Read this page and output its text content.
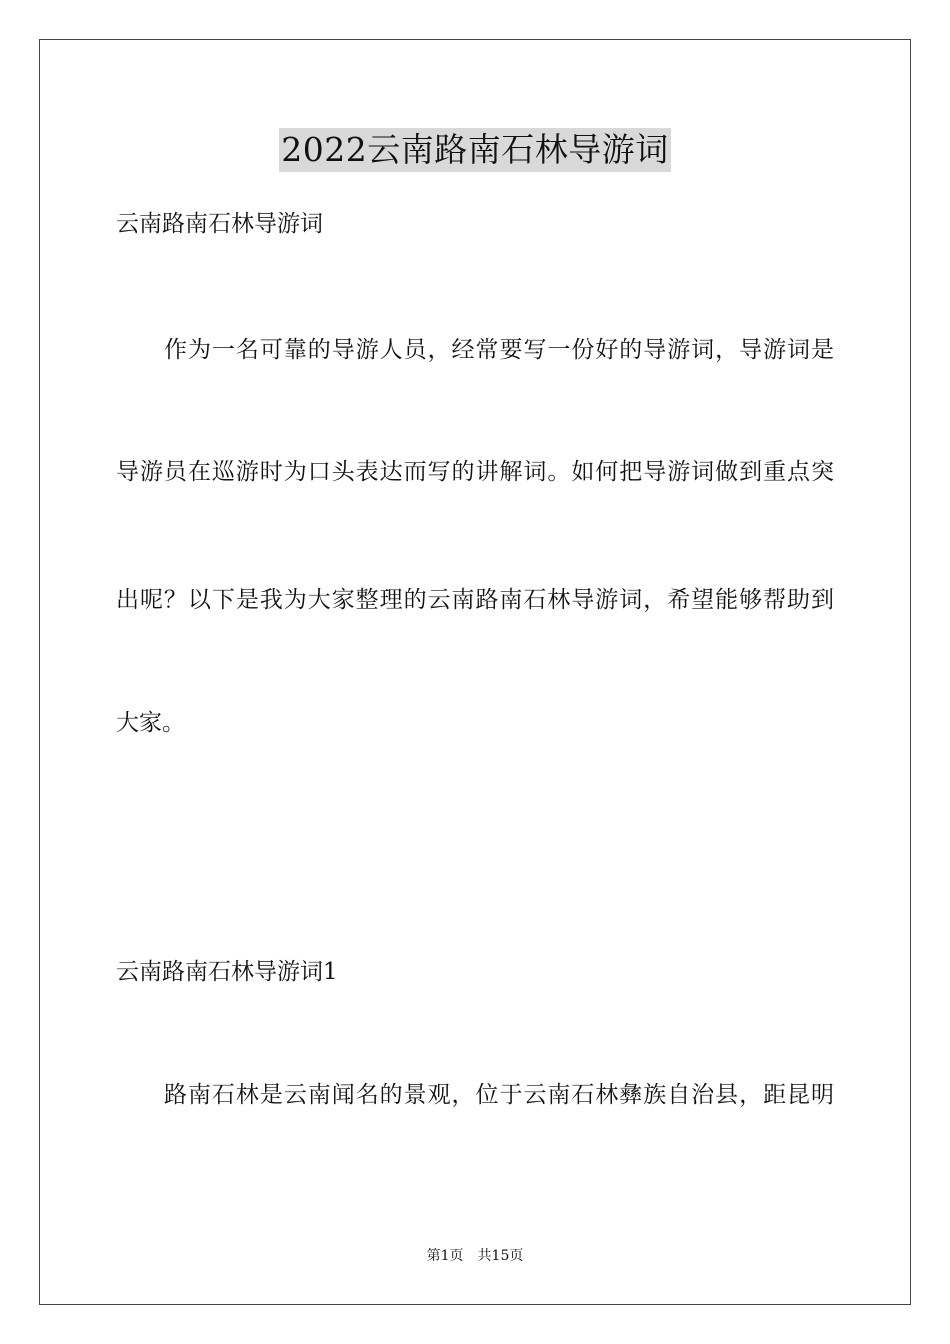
2022云南路南石林导游词
云南路南石林导游词
作为一名可靠的导游人员，经常要写一份好的导游词，导游词是
导游员在巡游时为口头表达而写的讲解词。如何把导游词做到重点突
出呢？以下是我为大家整理的云南路南石林导游词，希望能够帮助到
大家。
云南路南石林导游词1
路南石林是云南闻名的景观，位于云南石林彝族自治县，距昆明
第1页 共15页
